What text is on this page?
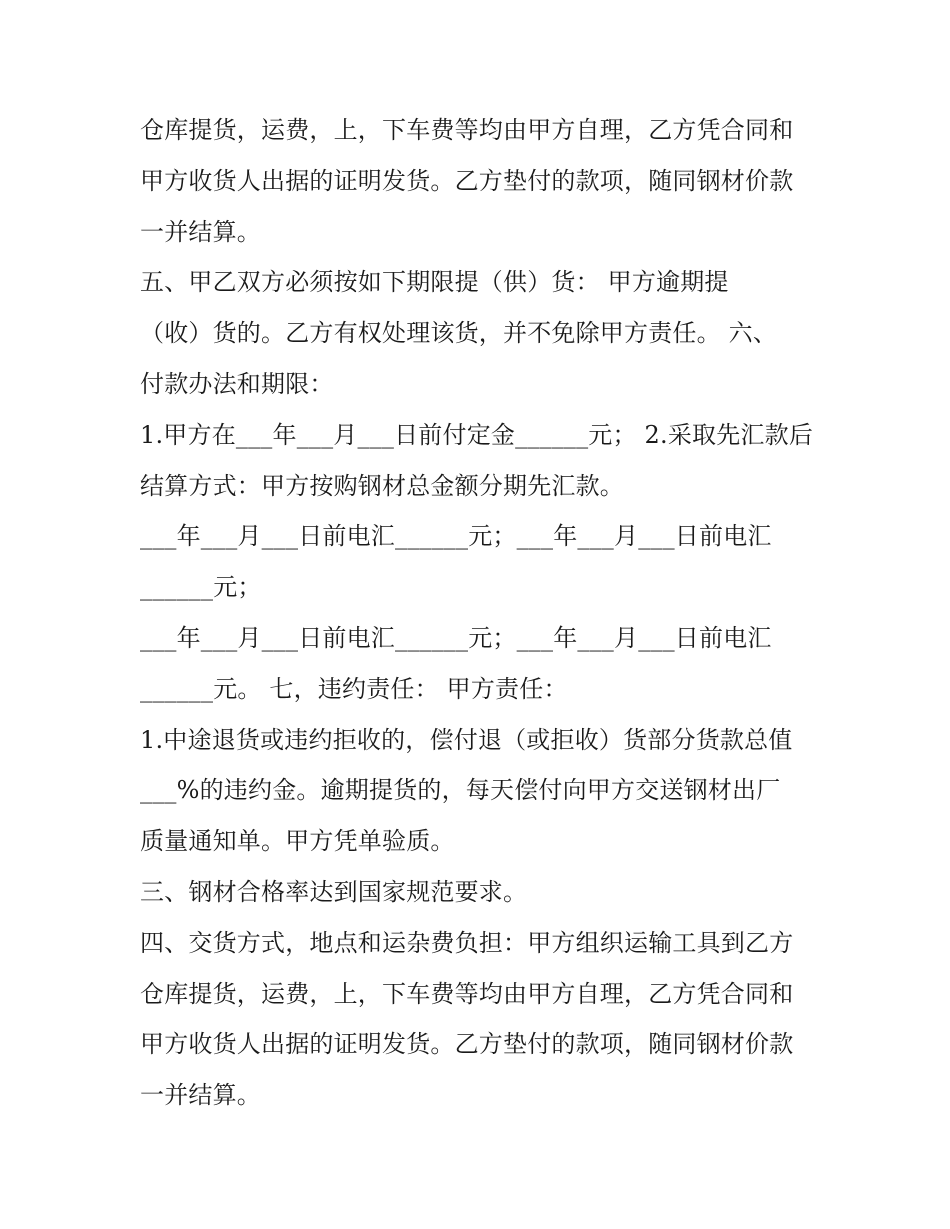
仓库提货，运费，上，下车费等均由甲方自理，乙方凭合同和
甲方收货人出据的证明发货。乙方垫付的款项，随同钢材价款
一并结算。
五、甲乙双方必须按如下期限提（供）货： 甲方逾期提
（收）货的。乙方有权处理该货，并不免除甲方责任。 六、
付款办法和期限：
1.甲方在___年___月___日前付定金______元； 2.采取先汇款后
结算方式：甲方按购钢材总金额分期先汇款。
___年___月___日前电汇______元；___年___月___日前电汇
______元；
___年___月___日前电汇______元；___年___月___日前电汇
______元。 七，违约责任： 甲方责任：
1.中途退货或违约拒收的，偿付退（或拒收）货部分货款总值
___%的违约金。逾期提货的，每天偿付向甲方交送钢材出厂
质量通知单。甲方凭单验质。
三、钢材合格率达到国家规范要求。
四、交货方式，地点和运杂费负担：甲方组织运输工具到乙方
仓库提货，运费，上，下车费等均由甲方自理，乙方凭合同和
甲方收货人出据的证明发货。乙方垫付的款项，随同钢材价款
一并结算。
